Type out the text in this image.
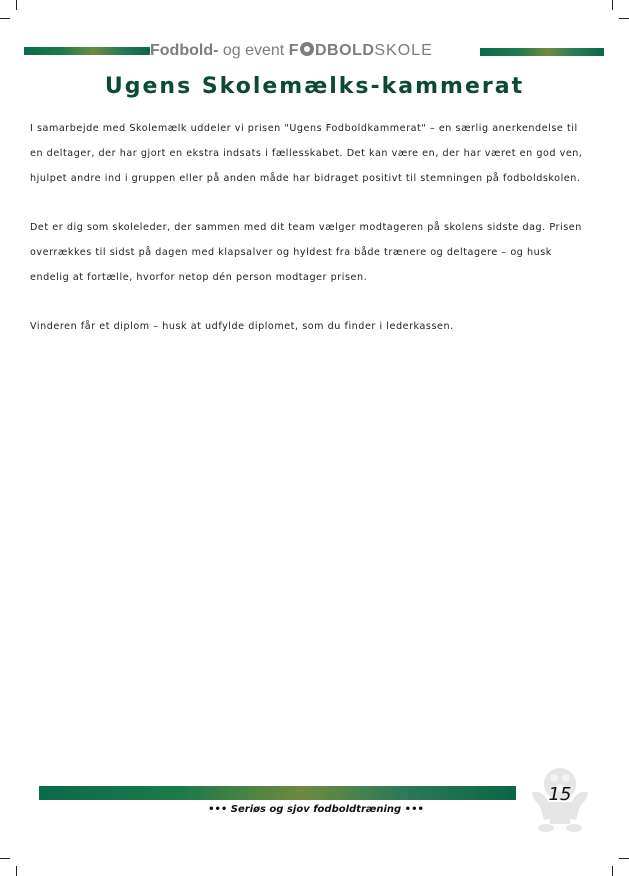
Fodbold- og event F DBOLDSKOLE
Ugens Skolemælks-kammerat

I samarbejde med Skolemælk uddeler vi prisen "Ugens Fodboldkammerat" – en særlig anerkendelse til en deltager, der har gjort en ekstra indsats i fællesskabet. Det kan være en, der har været en god ven, hjulpet andre ind i gruppen eller på anden måde har bidraget positivt til stemningen på fodboldskolen.

Det er dig som skoleleder, der sammen med dit team vælger modtageren på skolens sidste dag. Prisen overrækkes til sidst på dagen med klapsalver og hyldest fra både trænere og deltagere – og husk endelig at fortælle, hvorfor netop dén person modtager prisen.

Vinderen får et diplom – husk at udfylde diplomet, som du finder i lederkassen.

••• Seriøs og sjov fodboldtræning •••
15
